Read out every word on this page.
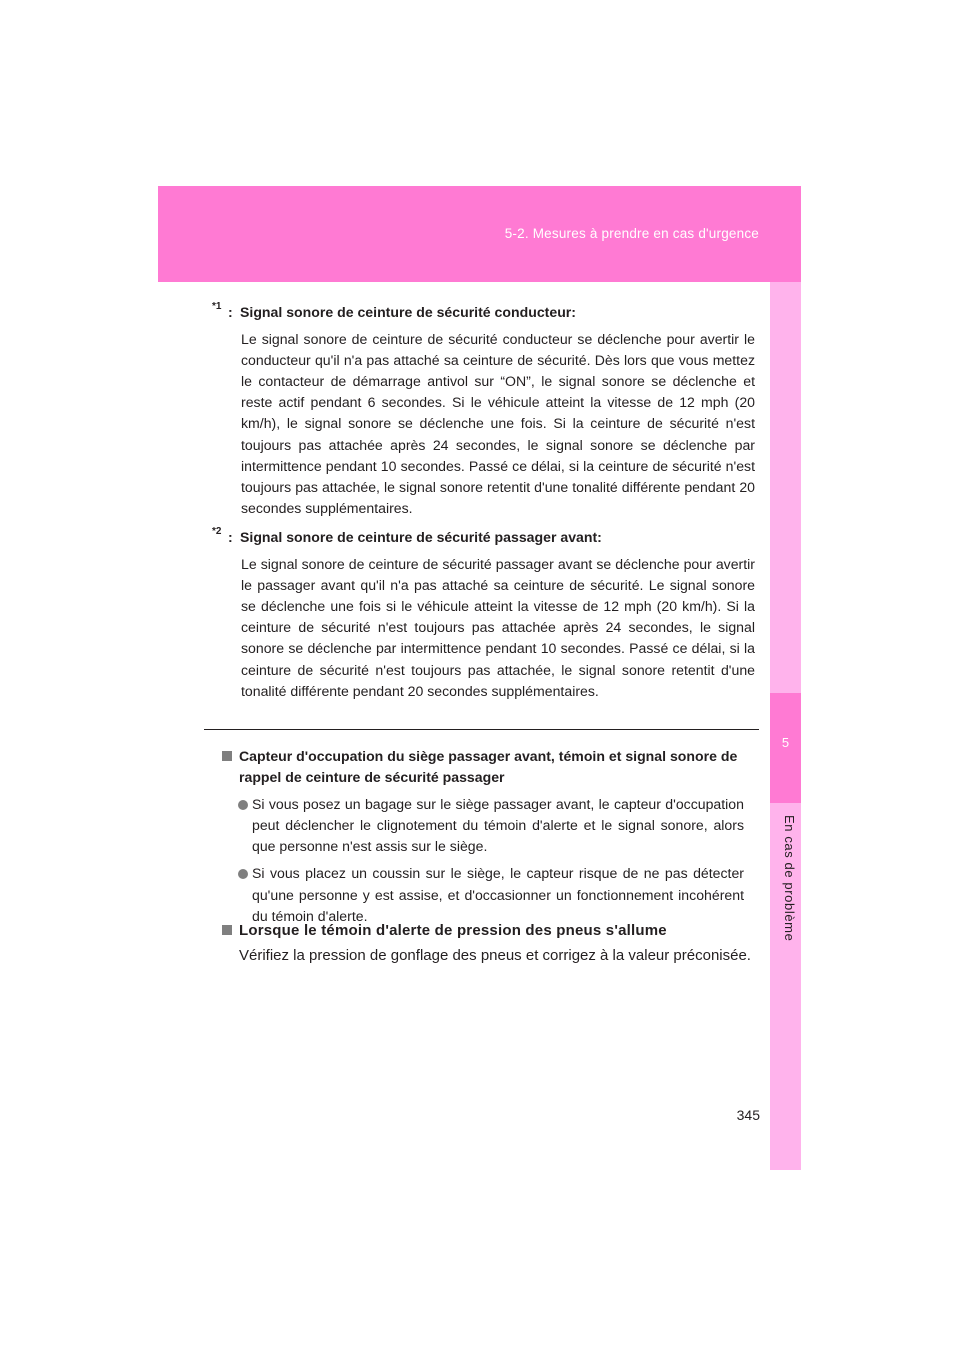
5-2. Mesures à prendre en cas d'urgence
5
En cas de problème
*1 : Signal sonore de ceinture de sécurité conducteur:
Le signal sonore de ceinture de sécurité conducteur se déclenche pour avertir le conducteur qu'il n'a pas attaché sa ceinture de sécurité. Dès lors que vous mettez le contacteur de démarrage antivol sur “ON”, le signal sonore se déclenche et reste actif pendant 6 secondes. Si le véhicule atteint la vitesse de 12 mph (20 km/h), le signal sonore se déclenche une fois. Si la ceinture de sécurité n'est toujours pas attachée après 24 secondes, le signal sonore se déclenche par intermittence pendant 10 secondes. Passé ce délai, si la ceinture de sécurité n'est toujours pas attachée, le signal sonore retentit d'une tonalité différente pendant 20 secondes supplémentaires.
*2 : Signal sonore de ceinture de sécurité passager avant:
Le signal sonore de ceinture de sécurité passager avant se déclenche pour avertir le passager avant qu'il n'a pas attaché sa ceinture de sécurité. Le signal sonore se déclenche une fois si le véhicule atteint la vitesse de 12 mph (20 km/h). Si la ceinture de sécurité n'est toujours pas attachée après 24 secondes, le signal sonore se déclenche par intermittence pendant 10 secondes. Passé ce délai, si la ceinture de sécurité n'est toujours pas attachée, le signal sonore retentit d'une tonalité différente pendant 20 secondes supplémentaires.
Capteur d'occupation du siège passager avant, témoin et signal sonore de rappel de ceinture de sécurité passager
Si vous posez un bagage sur le siège passager avant, le capteur d'occupation peut déclencher le clignotement du témoin d'alerte et le signal sonore, alors que personne n'est assis sur le siège.
Si vous placez un coussin sur le siège, le capteur risque de ne pas détecter qu'une personne y est assise, et d'occasionner un fonctionnement incohérent du témoin d'alerte.
Lorsque le témoin d'alerte de pression des pneus s'allume
Vérifiez la pression de gonflage des pneus et corrigez à la valeur préconisée.
345
